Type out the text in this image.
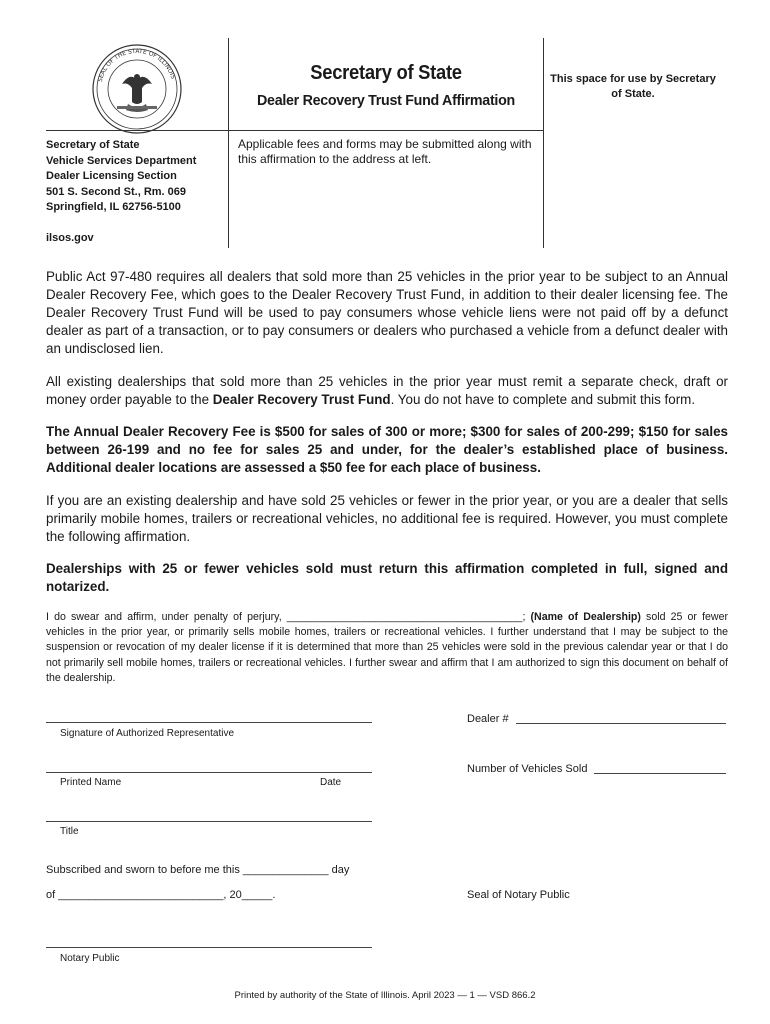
SEAL OF THE STATE OF ILLINOIS	Secretary of State
Dealer Recovery Trust Fund Affirmation
This space for use by Secretary of State.
Secretary of State
Vehicle Services Department
Dealer Licensing Section
501 S. Second St., Rm. 069
Springfield, IL 62756-5100
ilsos.gov
Applicable fees and forms may be submitted along with this affirmation to the address at left.
Public Act 97-480 requires all dealers that sold more than 25 vehicles in the prior year to be subject to an Annual Dealer Recovery Fee, which goes to the Dealer Recovery Trust Fund, in addition to their dealer licensing fee. The Dealer Recovery Trust Fund will be used to pay consumers whose vehicle liens were not paid off by a defunct dealer as part of a transaction, or to pay consumers or dealers who purchased a vehicle from a defunct dealer with an undisclosed lien.
All existing dealerships that sold more than 25 vehicles in the prior year must remit a separate check, draft or money order payable to the Dealer Recovery Trust Fund. You do not have to complete and submit this form.
The Annual Dealer Recovery Fee is $500 for sales of 300 or more; $300 for sales of 200-299; $150 for sales between 26-199 and no fee for sales 25 and under, for the dealer’s established place of business. Additional dealer locations are assessed a $50 fee for each place of business.
If you are an existing dealership and have sold 25 vehicles or fewer in the prior year, or you are a dealer that sells primarily mobile homes, trailers or recreational vehicles, no additional fee is required. However, you must complete the following affirmation.
Dealerships with 25 or fewer vehicles sold must return this affirmation completed in full, signed and notarized.
I do swear and affirm, under penalty of perjury, ________________________________________; (Name of Dealership) sold 25 or fewer vehicles in the prior year, or primarily sells mobile homes, trailers or recreational vehicles. I further understand that I may be subject to the suspension or revocation of my dealer license if it is determined that more than 25 vehicles were sold in the previous calendar year or that I do not primarily sell mobile homes, trailers or recreational vehicles. I further swear and affirm that I am authorized to sign this document on behalf of the dealership.
Signature of Authorized Representative
Printed Name	Date
Title
Dealer #
Number of Vehicles Sold
Subscribed and sworn to before me this ______________ day
of ___________________________, 20_____.	Seal of Notary Public
Notary Public
Printed by authority of the State of Illinois. April 2023 — 1 — VSD 866.2
